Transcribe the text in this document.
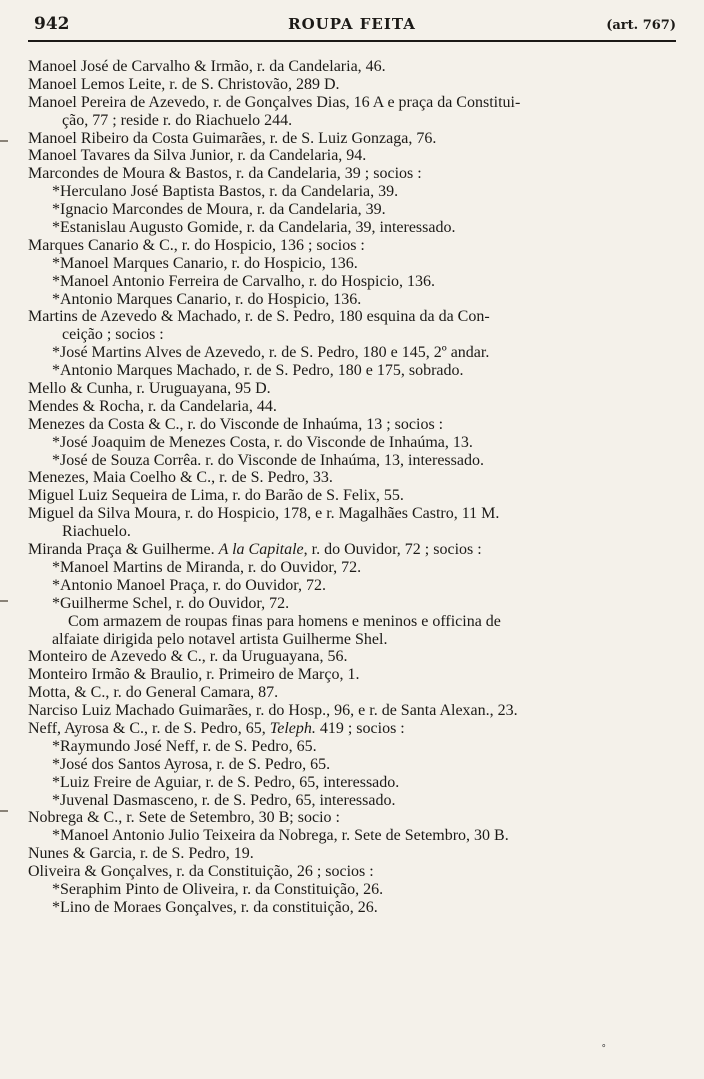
942	ROUPA FEITA	(art. 767)
Manoel José de Carvalho & Irmão, r. da Candelaria, 46.
Manoel Lemos Leite, r. de S. Christovão, 289 D.
Manoel Pereira de Azevedo, r. de Gonçalves Dias, 16 A e praça da Constitui-
ção, 77 ; reside r. do Riachuelo 244.
Manoel Ribeiro da Costa Guimarães, r. de S. Luiz Gonzaga, 76.
Manoel Tavares da Silva Junior, r. da Candelaria, 94.
Marcondes de Moura & Bastos, r. da Candelaria, 39 ; socios :
*Herculano José Baptista Bastos, r. da Candelaria, 39.
*Ignacio Marcondes de Moura, r. da Candelaria, 39.
*Estanislau Augusto Gomide, r. da Candelaria, 39, interessado.
Marques Canario & C., r. do Hospicio, 136 ; socios :
*Manoel Marques Canario, r. do Hospicio, 136.
*Manoel Antonio Ferreira de Carvalho, r. do Hospicio, 136.
*Antonio Marques Canario, r. do Hospicio, 136.
Martins de Azevedo & Machado, r. de S. Pedro, 180 esquina da da Con-
ceição ; socios :
*José Martins Alves de Azevedo, r. de S. Pedro, 180 e 145, 2º andar.
*Antonio Marques Machado, r. de S. Pedro, 180 e 175, sobrado.
Mello & Cunha, r. Uruguayana, 95 D.
Mendes & Rocha, r. da Candelaria, 44.
Menezes da Costa & C., r. do Visconde de Inhaúma, 13 ; socios :
*José Joaquim de Menezes Costa, r. do Visconde de Inhaúma, 13.
*José de Souza Corrêa. r. do Visconde de Inhaúma, 13, interessado.
Menezes, Maia Coelho & C., r. de S. Pedro, 33.
Miguel Luiz Sequeira de Lima, r. do Barão de S. Felix, 55.
Miguel da Silva Moura, r. do Hospicio, 178, e r. Magalhães Castro, 11 M.
Riachuelo.
Miranda Praça & Guilherme. A la Capitale, r. do Ouvidor, 72 ; socios :
*Manoel Martins de Miranda, r. do Ouvidor, 72.
*Antonio Manoel Praça, r. do Ouvidor, 72.
*Guilherme Schel, r. do Ouvidor, 72.
Com armazem de roupas finas para homens e meninos e officina de
alfaiate dirigida pelo notavel artista Guilherme Shel.
Monteiro de Azevedo & C., r. da Uruguayana, 56.
Monteiro Irmão & Braulio, r. Primeiro de Março, 1.
Motta, & C., r. do General Camara, 87.
Narciso Luiz Machado Guimarães, r. do Hosp., 96, e r. de Santa Alexan., 23.
Neff, Ayrosa & C., r. de S. Pedro, 65, Teleph. 419 ; socios :
*Raymundo José Neff, r. de S. Pedro, 65.
*José dos Santos Ayrosa, r. de S. Pedro, 65.
*Luiz Freire de Aguiar, r. de S. Pedro, 65, interessado.
*Juvenal Dasmasceno, r. de S. Pedro, 65, interessado.
Nobrega & C., r. Sete de Setembro, 30 B; socio :
*Manoel Antonio Julio Teixeira da Nobrega, r. Sete de Setembro, 30 B.
Nunes & Garcia, r. de S. Pedro, 19.
Oliveira & Gonçalves, r. da Constituição, 26 ; socios :
*Seraphim Pinto de Oliveira, r. da Constituição, 26.
*Lino de Moraes Gonçalves, r. da constituição, 26.
°
